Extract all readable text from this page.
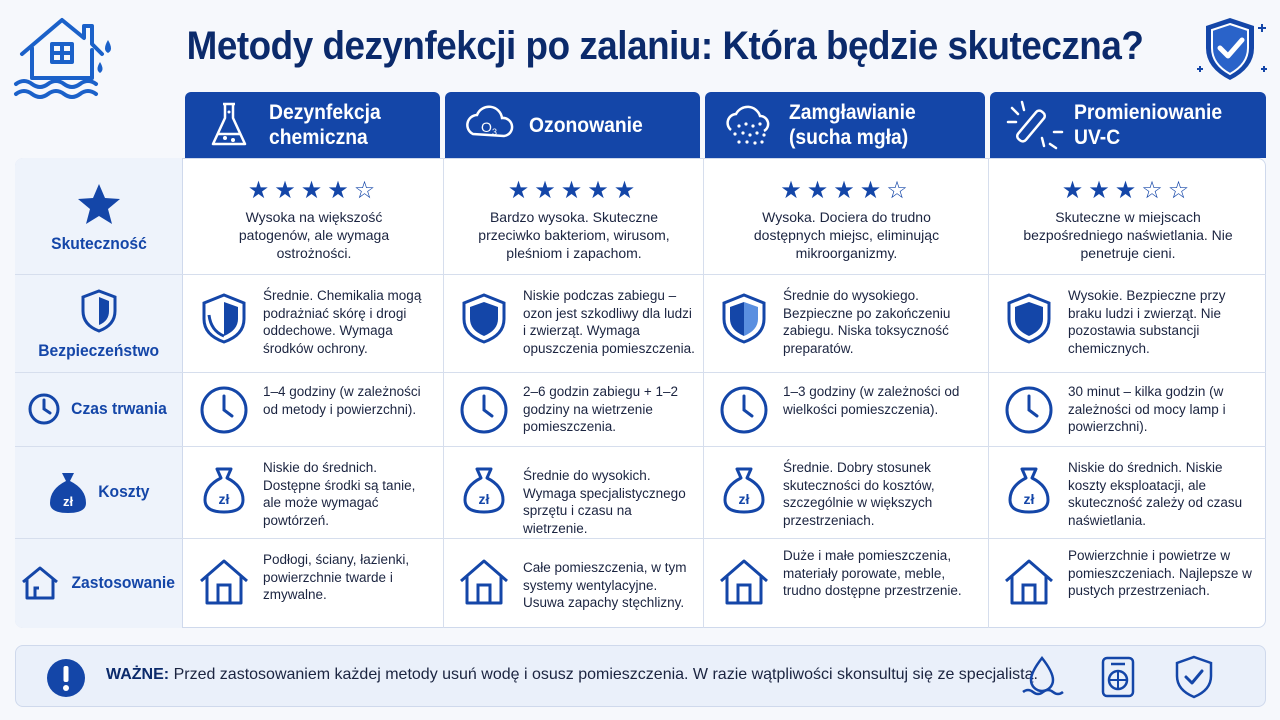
Metody dezynfekcji po zalaniu: Która będzie skuteczna?
Dezynfekcja
chemiczna	O 3 Ozonowanie
Zamgławianie
(sucha mgła)
Promieniowanie
UV-C
Skuteczność
Bezpieczeństwo
Czas trwania
zł
Koszty
Zastosowanie
★★★★☆
Wysoka na większość patogenów, ale wymaga ostrożności.
★★★★★
Bardzo wysoka. Skuteczne przeciwko bakteriom, wirusom, pleśniom i zapachom.
★★★★☆
Wysoka. Dociera do trudno dostępnych miejsc, eliminując mikroorganizmy.
★★★☆☆
Skuteczne w miejscach bezpośredniego naświetlania. Nie penetruje cieni.
Średnie. Chemikalia mogą podrażniać skórę i drogi oddechowe. Wymaga środków ochrony.
Niskie podczas zabiegu – ozon jest szkodliwy dla ludzi i zwierząt. Wymaga opuszczenia pomieszczenia.
Średnie do wysokiego. Bezpieczne po zakończeniu zabiegu. Niska toksyczność preparatów.
Wysokie. Bezpieczne przy braku ludzi i zwierząt. Nie pozostawia substancji chemicznych.
1–4 godziny (w zależności od metody i powierzchni).
2–6 godzin zabiegu + 1–2 godziny na wietrzenie pomieszczenia.
1–3 godziny (w zależności od wielkości pomieszczenia).
30 minut – kilka godzin (w zależności od mocy lamp i powierzchni).
zł
Niskie do średnich. Dostępne środki są tanie, ale może wymagać powtórzeń.
zł
Średnie do wysokich. Wymaga specjalistycznego sprzętu i czasu na wietrzenie.
zł
Średnie. Dobry stosunek skuteczności do kosztów, szczególnie w większych przestrzeniach.
zł
Niskie do średnich. Niskie koszty eksploatacji, ale skuteczność zależy od czasu naświetlania.
Podłogi, ściany, łazienki, powierzchnie twarde i zmywalne.
Całe pomieszczenia, w tym systemy wentylacyjne. Usuwa zapachy stęchlizny.
Duże i małe pomieszczenia, materiały porowate, meble, trudno dostępne przestrzenie.
Powierzchnie i powietrze w pomieszczeniach. Najlepsze w pustych przestrzeniach.
WAŻNE: Przed zastosowaniem każdej metody usuń wodę i osusz pomieszczenia. W razie wątpliwości skonsultuj się ze specjalistą.
